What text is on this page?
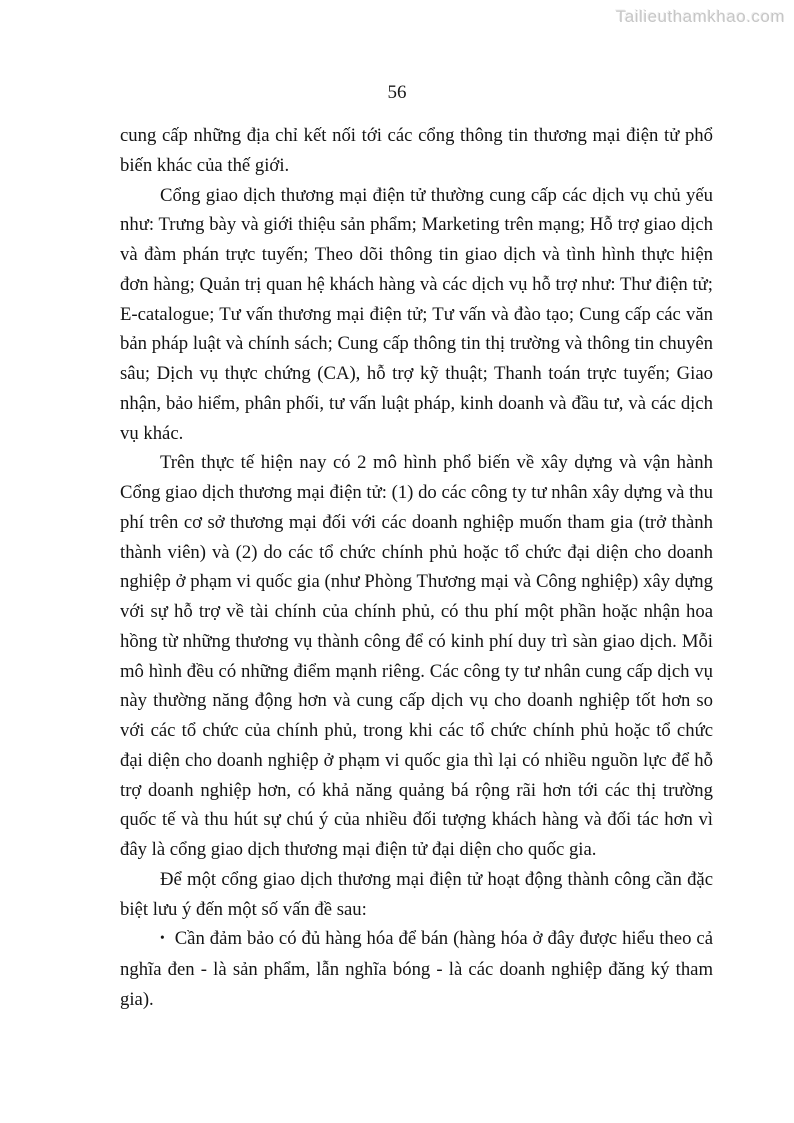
Tailieuthamkhao.com
56

cung cấp những địa chỉ kết nối tới các cổng thông tin thương mại điện tử phổ biến khác của thế giới.

Cổng giao dịch thương mại điện tử thường cung cấp các dịch vụ chủ yếu như: Trưng bày và giới thiệu sản phẩm; Marketing trên mạng; Hỗ trợ giao dịch và đàm phán trực tuyến; Theo dõi thông tin giao dịch và tình hình thực hiện đơn hàng; Quản trị quan hệ khách hàng và các dịch vụ hỗ trợ như: Thư điện tử; E-catalogue; Tư vấn thương mại điện tử; Tư vấn và đào tạo; Cung cấp các văn bản pháp luật và chính sách; Cung cấp thông tin thị trường và thông tin chuyên sâu; Dịch vụ thực chứng (CA), hỗ trợ kỹ thuật; Thanh toán trực tuyến; Giao nhận, bảo hiểm, phân phối, tư vấn luật pháp, kinh doanh và đầu tư, và các dịch vụ khác.

Trên thực tế hiện nay có 2 mô hình phổ biến về xây dựng và vận hành Cổng giao dịch thương mại điện tử: (1) do các công ty tư nhân xây dựng và thu phí trên cơ sở thương mại đối với các doanh nghiệp muốn tham gia (trở thành thành viên) và (2) do các tổ chức chính phủ hoặc tổ chức đại diện cho doanh nghiệp ở phạm vi quốc gia (như Phòng Thương mại và Công nghiệp) xây dựng với sự hỗ trợ về tài chính của chính phủ, có thu phí một phần hoặc nhận hoa hồng từ những thương vụ thành công để có kinh phí duy trì sàn giao dịch. Mỗi mô hình đều có những điểm mạnh riêng. Các công ty tư nhân cung cấp dịch vụ này thường năng động hơn và cung cấp dịch vụ cho doanh nghiệp tốt hơn so với các tổ chức của chính phủ, trong khi các tổ chức chính phủ hoặc tổ chức đại diện cho doanh nghiệp ở phạm vi quốc gia thì lại có nhiều nguồn lực để hỗ trợ doanh nghiệp hơn, có khả năng quảng bá rộng rãi hơn tới các thị trường quốc tế và thu hút sự chú ý của nhiều đối tượng khách hàng và đối tác hơn vì đây là cổng giao dịch thương mại điện tử đại diện cho quốc gia.

Để một cổng giao dịch thương mại điện tử hoạt động thành công cần đặc biệt lưu ý đến một số vấn đề sau:

• Cần đảm bảo có đủ hàng hóa để bán (hàng hóa ở đây được hiểu theo cả nghĩa đen - là sản phẩm, lẫn nghĩa bóng - là các doanh nghiệp đăng ký tham gia).
